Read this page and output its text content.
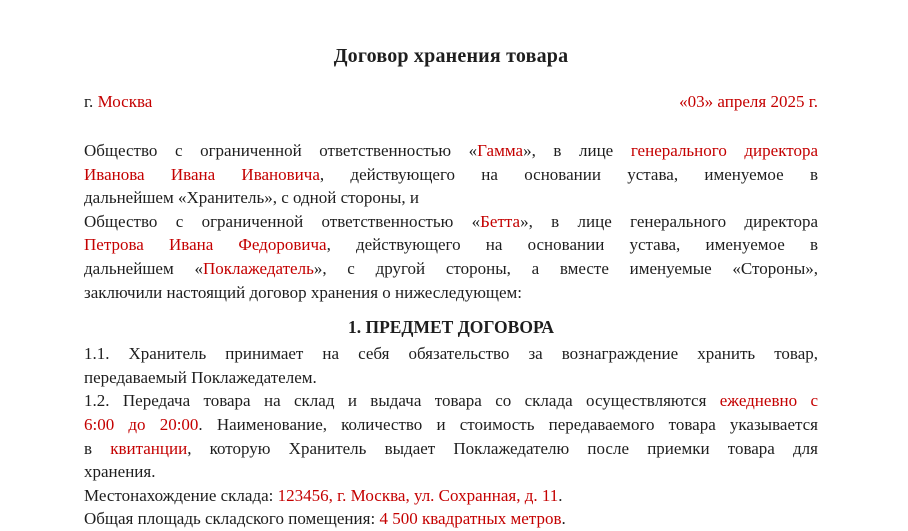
Договор хранения товара
г. Москва	«03» апреля 2025 г.
Общество с ограниченной ответственностью «Гамма», в лице генерального директора
Иванова Ивана Ивановича, действующего на основании устава, именуемое в
дальнейшем «Хранитель», с одной стороны, и
Общество с ограниченной ответственностью «Бетта», в лице генерального директора
Петрова Ивана Федоровича, действующего на основании устава, именуемое в
дальнейшем «Поклажедатель», с другой стороны, а вместе именуемые «Стороны»,
заключили настоящий договор хранения о нижеследующем:
1. ПРЕДМЕТ ДОГОВОРА
1.1. Хранитель принимает на себя обязательство за вознаграждение хранить товар,
передаваемый Поклажедателем.
1.2. Передача товара на склад и выдача товара со склада осуществляются ежедневно с
6:00 до 20:00. Наименование, количество и стоимость передаваемого товара указывается
в квитанции, которую Хранитель выдает Поклажедателю после приемки товара для
хранения.
Местонахождение склада: 123456, г. Москва, ул. Сохранная, д. 11.
Общая площадь складского помещения: 4 500 квадратных метров.
